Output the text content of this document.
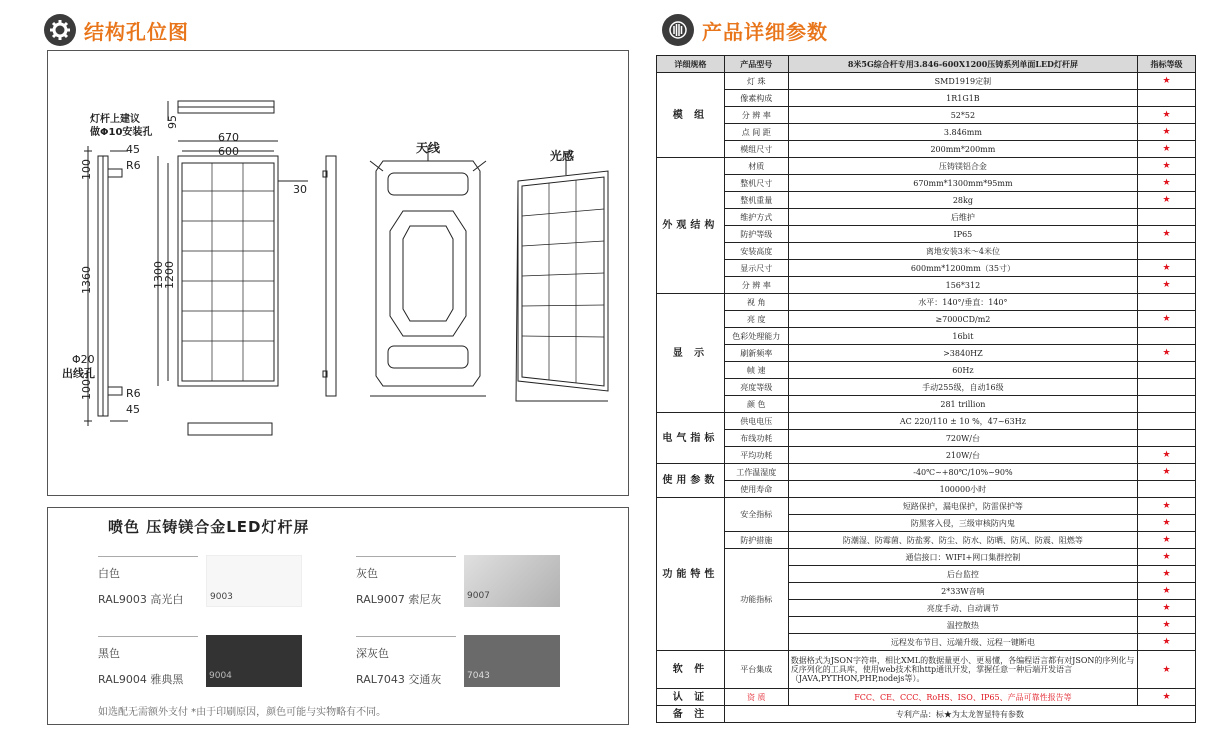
结构孔位图	产品详细参数
灯杆上建议
做Φ10安装孔
95
45
R6
100
1360
Φ20
出线孔
R6
100
45
670
600
1300
1200
30
天线
光感
喷色 压铸镁合金LED灯杆屏
白色
RAL9003 高光白	9003
灰色
RAL9007 索尼灰	9007
黑色
RAL9004 雅典黑	9004
深灰色
RAL7043 交通灰	7043
如选配无需额外支付 *由于印刷原因，颜色可能与实物略有不同。
详细规格	产品型号	8米5G综合杆专用3.846-600X1200压铸系列单面LED灯杆屏	指标等级
模 组	灯 珠	SMD1919定制	★
	像素构成	1R1G1B	
	分 辨 率	52*52	★
	点 间 距	3.846mm	★
	模组尺寸	200mm*200mm	★
外观结构	材质	压铸镁铝合金	★
	整机尺寸	670mm*1300mm*95mm	★
	整机重量	28kg	★
	维护方式	后维护	
	防护等级	IP65	★
	安装高度	离地安装3米～4米位	
	显示尺寸	600mm*1200mm（35寸）	★
	分 辨 率	156*312	★
显 示	视 角	水平：140°/垂直：140°	
	亮 度	≥7000CD/m2	★
	色彩处理能力	16bit	
	刷新频率	>3840HZ	★
	帧 速	60Hz	
	亮度等级	手动255级，自动16级	
	颜 色	281 trillion	
电气指标	供电电压	AC 220/110 ± 10 %，47~63Hz	
	布线功耗	720W/台	
	平均功耗	210W/台	★
使用参数	工作温湿度	-40℃~+80℃/10%~90%	★
	使用寿命	100000小时	
功能特性	安全指标	短路保护，漏电保护，防雷保护等	★
		防黑客入侵，三级审核防内鬼	★
	防护措施	防潮湿、防霉菌、防盐雾、防尘、防水、防晒、防风、防震、阻燃等	★
	功能指标	通信接口：WIFI+网口集群控制	★
		后台监控	★
		2*33W音响	★
		亮度手动、自动调节	★
		温控散热	★
		远程发布节目、远端升级、远程一键断电	★
软 件	平台集成	数据格式为JSON字符串，相比XML的数据量更小、更易懂，各编程语言都有对JSON的序列化与反序列化的工具库，使用web技术和http通讯开发，掌握任意一种后端开发语言（JAVA,PYTHON,PHP,nodejs等）。	★
认 证	资 质	FCC、CE、CCC、RoHS、ISO、IP65、产品可靠性报告等	★
备 注	专利产品：标★为太龙智显特有参数		
